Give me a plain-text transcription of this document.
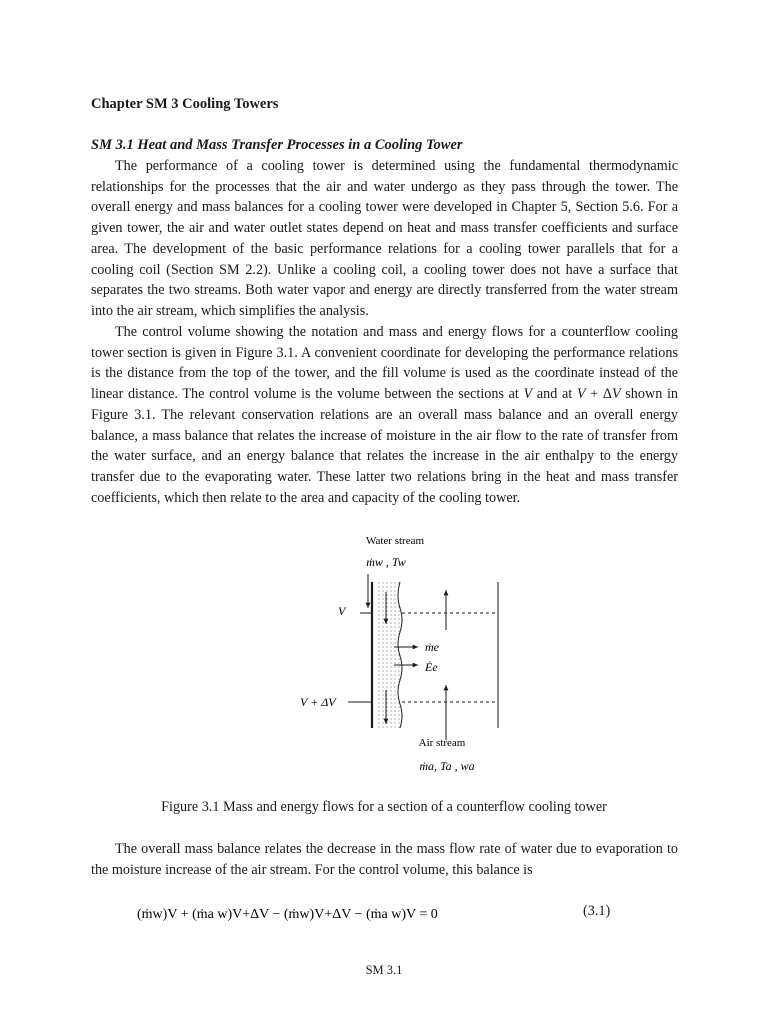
Chapter SM 3 Cooling Towers
SM 3.1 Heat and Mass Transfer Processes in a Cooling Tower

The performance of a cooling tower is determined using the fundamental thermodynamic relationships for the processes that the air and water undergo as they pass through the tower. The overall energy and mass balances for a cooling tower were developed in Chapter 5, Section 5.6. For a given tower, the air and water outlet states depend on heat and mass transfer coefficients and surface area. The development of the basic performance relations for a cooling tower parallels that for a cooling coil (Section SM 2.2). Unlike a cooling coil, a cooling tower does not have a surface that separates the two streams. Both water vapor and energy are directly transferred from the water stream into the air stream, which simplifies the analysis.

The control volume showing the notation and mass and energy flows for a counterflow cooling tower section is given in Figure 3.1. A convenient coordinate for developing the performance relations is the distance from the top of the tower, and the fill volume is used as the coordinate instead of the linear distance. The control volume is the volume between the sections at V and at V + ΔV shown in Figure 3.1. The relevant conservation relations are an overall mass balance and an overall energy balance, a mass balance that relates the increase of moisture in the air flow to the rate of transfer from the water surface, and an energy balance that relates the increase in the air enthalpy to the energy transfer due to the evaporating water. These latter two relations bring in the heat and mass transfer coefficients, which then relate to the area and capacity of the cooling tower.

Water stream
ṁw , Tw
V
V + ΔV
ṁe
Ėe
Air stream
ṁa, Ta , wa
Figure 3.1 Mass and energy flows for a section of a counterflow cooling tower

The overall mass balance relates the decrease in the mass flow rate of water due to evaporation to the moisture increase of the air stream. For the control volume, this balance is

(ṁw)V + (ṁa w)V+ΔV − (ṁw)V+ΔV − (ṁa w)V = 0	(3.1)
SM 3.1
